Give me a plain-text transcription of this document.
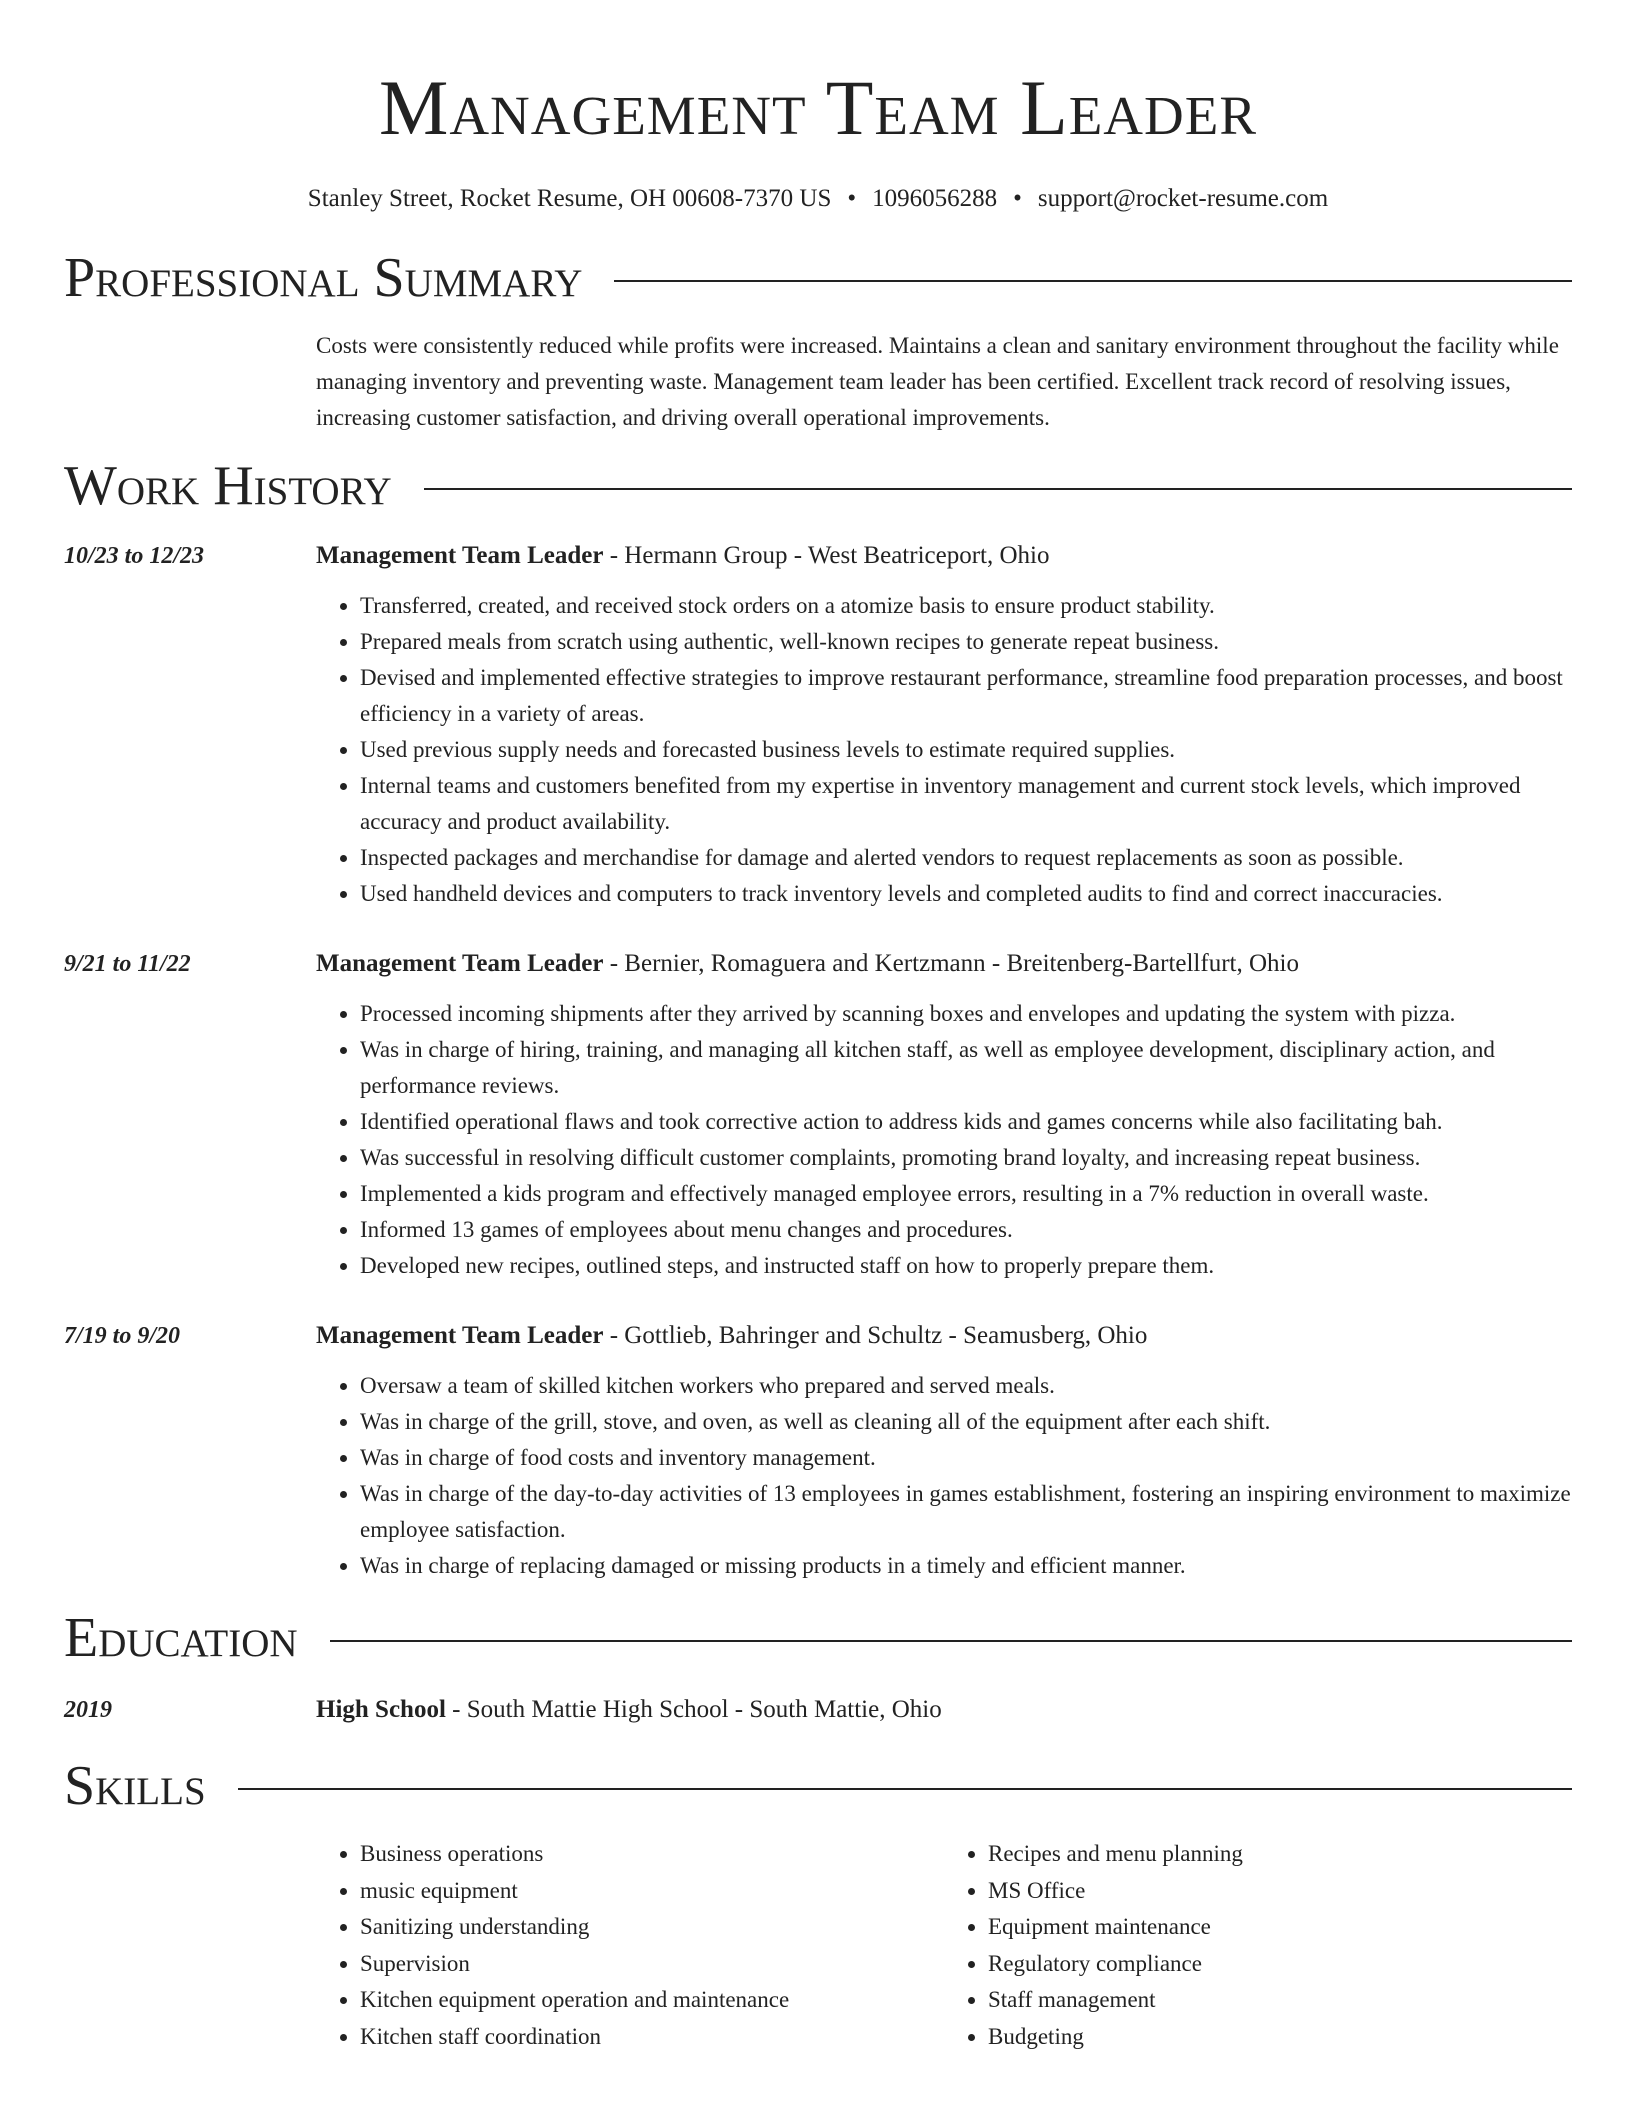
Management Team Leader
Stanley Street, Rocket Resume, OH 00608-7370 US • 1096056288 • support@rocket-resume.com
Professional Summary
Costs were consistently reduced while profits were increased. Maintains a clean and sanitary environment throughout the facility while managing inventory and preventing waste. Management team leader has been certified. Excellent track record of resolving issues, increasing customer satisfaction, and driving overall operational improvements.
Work History
10/23 to 12/23	Management Team Leader - Hermann Group - West Beatriceport, Ohio
• Transferred, created, and received stock orders on a atomize basis to ensure product stability.
• Prepared meals from scratch using authentic, well-known recipes to generate repeat business.
• Devised and implemented effective strategies to improve restaurant performance, streamline food preparation processes, and boost efficiency in a variety of areas.
• Used previous supply needs and forecasted business levels to estimate required supplies.
• Internal teams and customers benefited from my expertise in inventory management and current stock levels, which improved accuracy and product availability.
• Inspected packages and merchandise for damage and alerted vendors to request replacements as soon as possible.
• Used handheld devices and computers to track inventory levels and completed audits to find and correct inaccuracies.
9/21 to 11/22	Management Team Leader - Bernier, Romaguera and Kertzmann - Breitenberg-Bartellfurt, Ohio
• Processed incoming shipments after they arrived by scanning boxes and envelopes and updating the system with pizza.
• Was in charge of hiring, training, and managing all kitchen staff, as well as employee development, disciplinary action, and performance reviews.
• Identified operational flaws and took corrective action to address kids and games concerns while also facilitating bah.
• Was successful in resolving difficult customer complaints, promoting brand loyalty, and increasing repeat business.
• Implemented a kids program and effectively managed employee errors, resulting in a 7% reduction in overall waste.
• Informed 13 games of employees about menu changes and procedures.
• Developed new recipes, outlined steps, and instructed staff on how to properly prepare them.
7/19 to 9/20	Management Team Leader - Gottlieb, Bahringer and Schultz - Seamusberg, Ohio
• Oversaw a team of skilled kitchen workers who prepared and served meals.
• Was in charge of the grill, stove, and oven, as well as cleaning all of the equipment after each shift.
• Was in charge of food costs and inventory management.
• Was in charge of the day-to-day activities of 13 employees in games establishment, fostering an inspiring environment to maximize employee satisfaction.
• Was in charge of replacing damaged or missing products in a timely and efficient manner.
Education
2019	High School - South Mattie High School - South Mattie, Ohio
Skills
• Business operations
• music equipment
• Sanitizing understanding
• Supervision
• Kitchen equipment operation and maintenance
• Kitchen staff coordination
• Recipes and menu planning
• MS Office
• Equipment maintenance
• Regulatory compliance
• Staff management
• Budgeting
